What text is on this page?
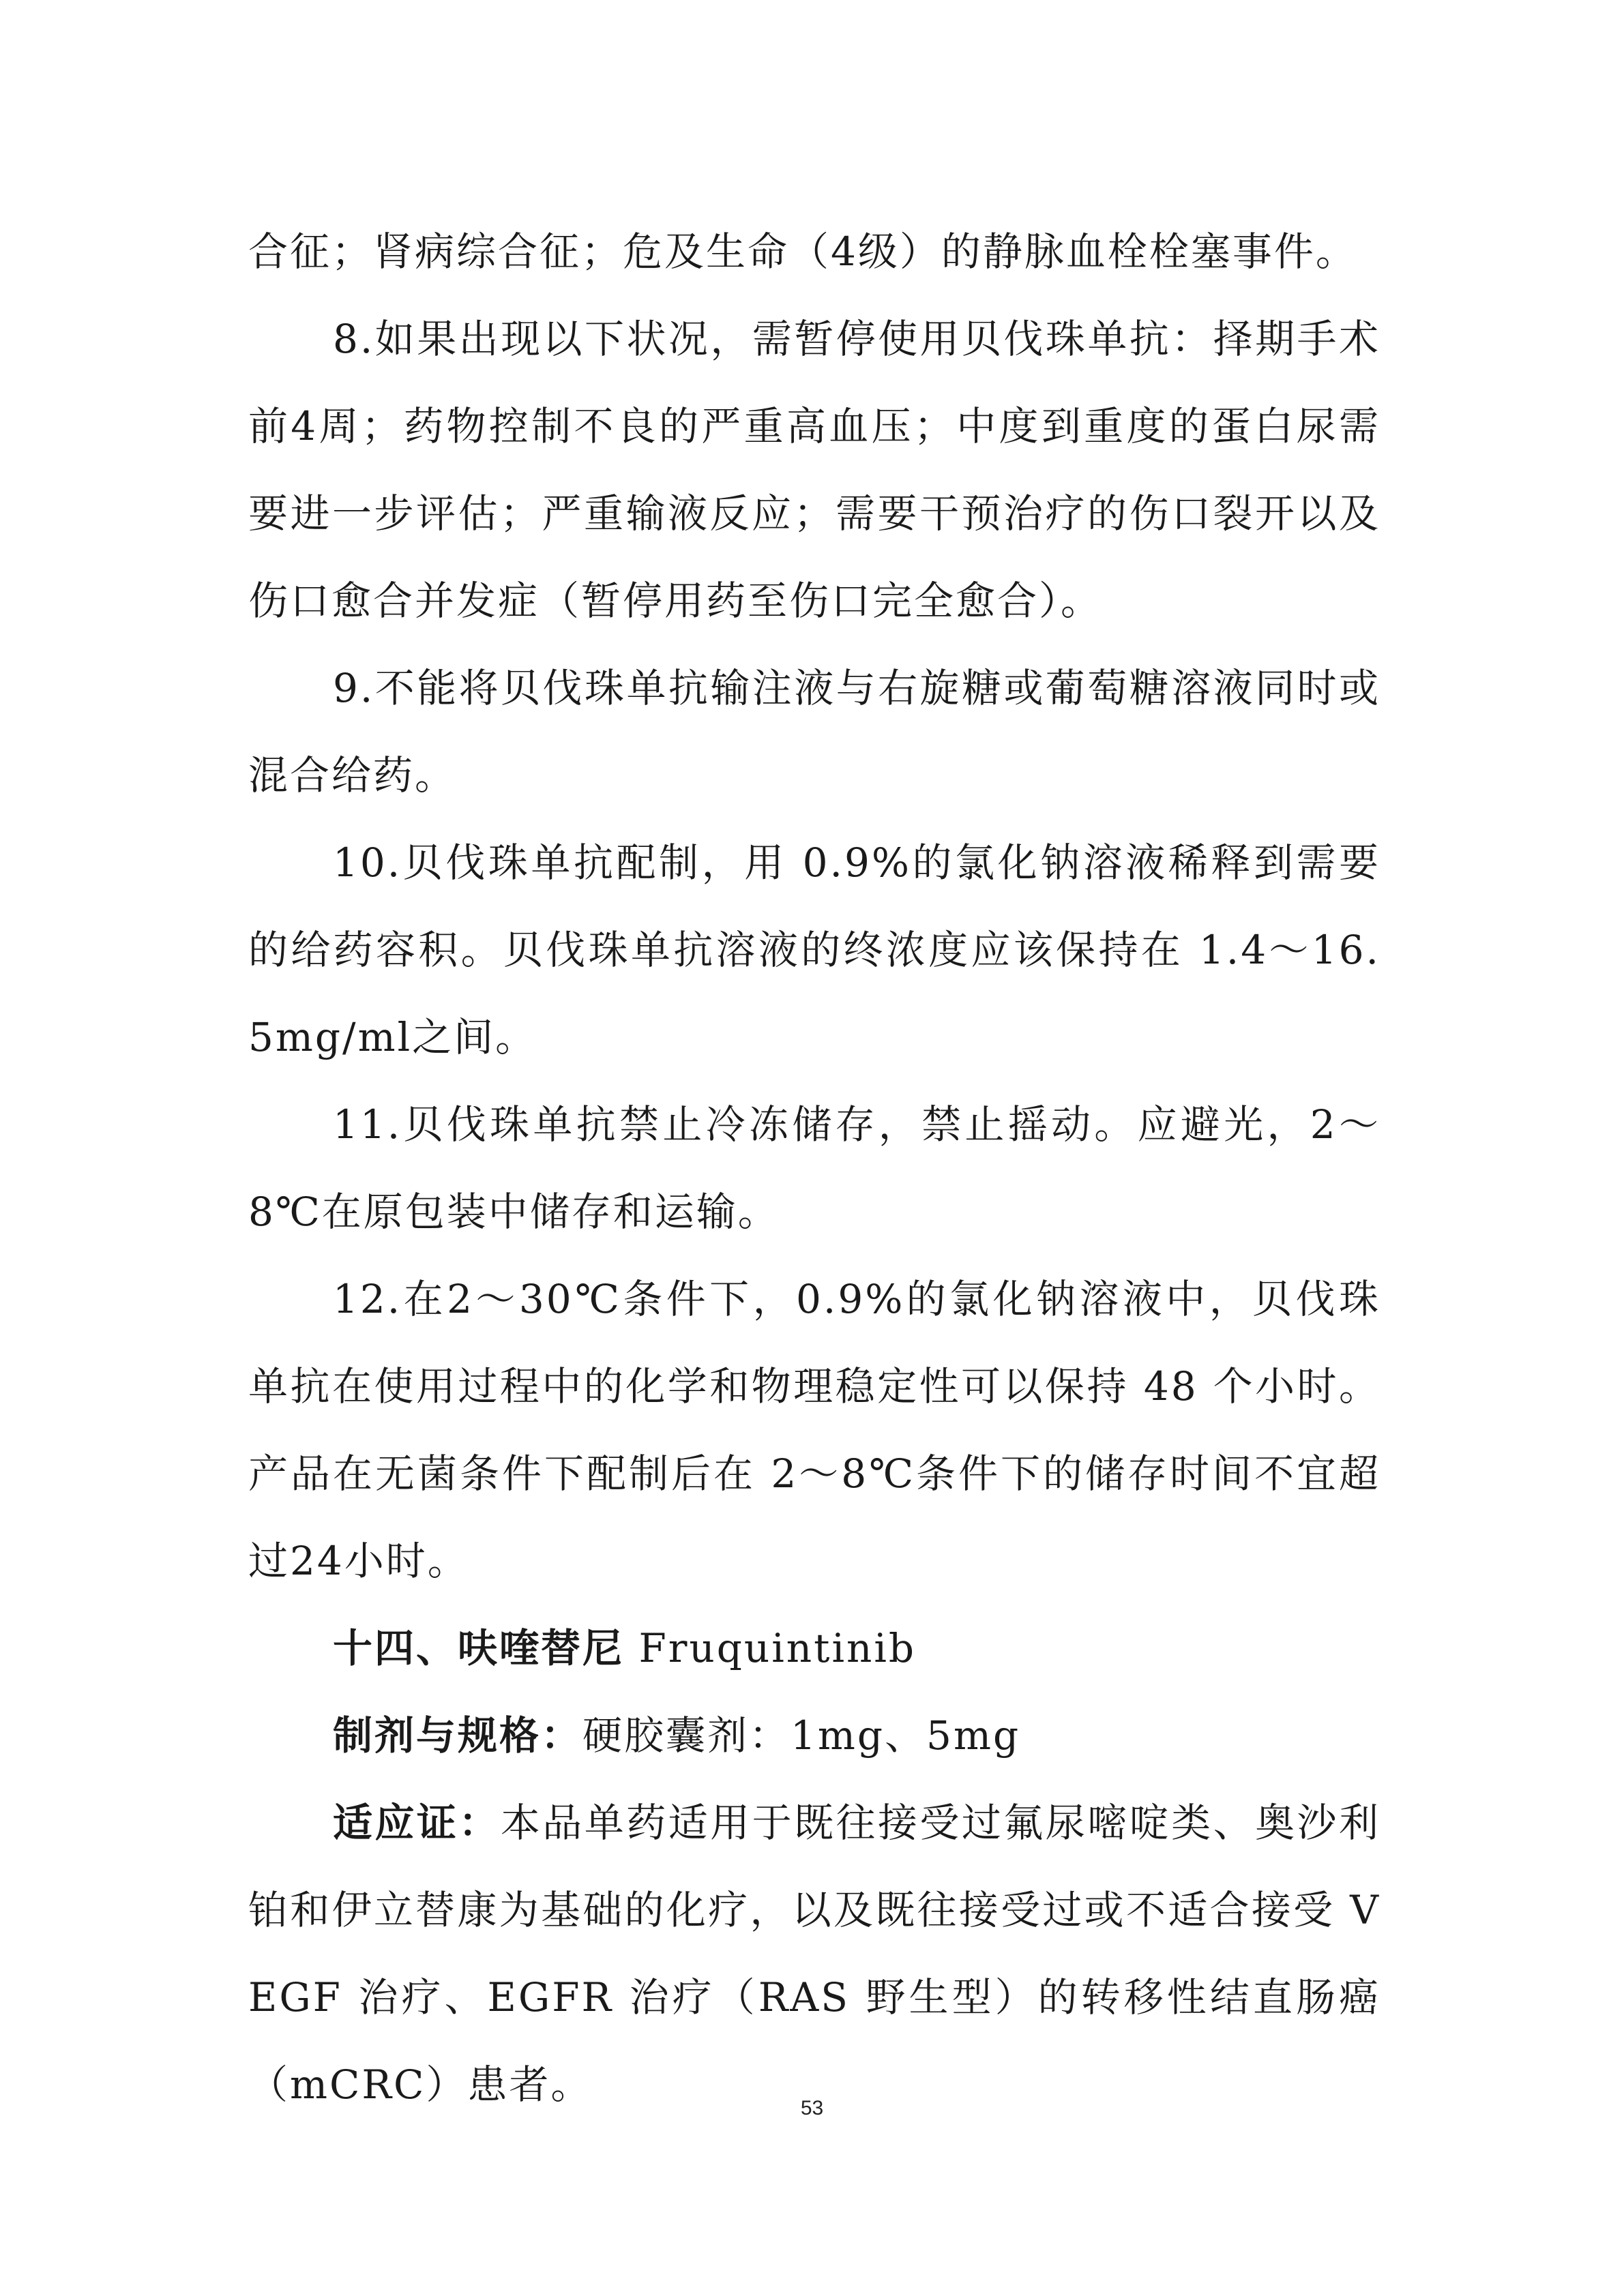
合征；肾病综合征；危及生命（4级）的静脉血栓栓塞事件。

8.如果出现以下状况，需暂停使用贝伐珠单抗：择期手术前4周；药物控制不良的严重高血压；中度到重度的蛋白尿需要进一步评估；严重输液反应；需要干预治疗的伤口裂开以及伤口愈合并发症（暂停用药至伤口完全愈合）。

9.不能将贝伐珠单抗输注液与右旋糖或葡萄糖溶液同时或混合给药。

10.贝伐珠单抗配制，用 0.9%的氯化钠溶液稀释到需要的给药容积。贝伐珠单抗溶液的终浓度应该保持在 1.4～16.5mg/ml之间。

11.贝伐珠单抗禁止冷冻储存，禁止摇动。应避光，2～8℃在原包装中储存和运输。

12.在2～30℃条件下，0.9%的氯化钠溶液中，贝伐珠单抗在使用过程中的化学和物理稳定性可以保持 48 个小时。产品在无菌条件下配制后在 2～8℃条件下的储存时间不宜超过24小时。

十四、呋喹替尼 Fruquintinib

制剂与规格：硬胶囊剂：1mg、5mg

适应证：本品单药适用于既往接受过氟尿嘧啶类、奥沙利铂和伊立替康为基础的化疗，以及既往接受过或不适合接受 VEGF 治疗、EGFR 治疗（RAS 野生型）的转移性结直肠癌（mCRC）患者。

53
